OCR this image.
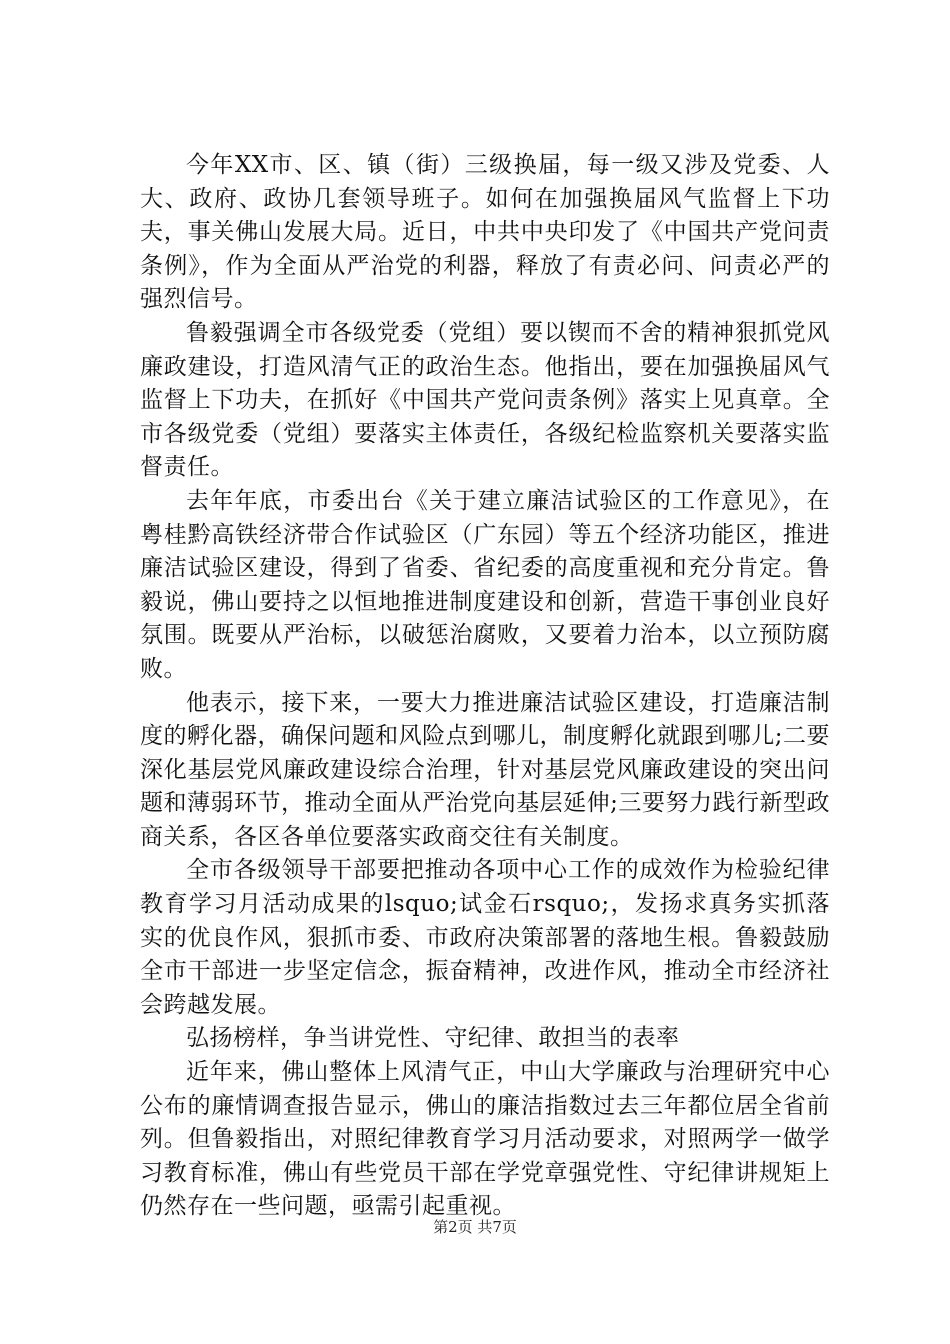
今年XX市、区、镇（街）三级换届，每一级又涉及党委、人大、政府、政协几套领导班子。如何在加强换届风气监督上下功夫，事关佛山发展大局。近日，中共中央印发了《中国共产党问责条例》，作为全面从严治党的利器，释放了有责必问、问责必严的强烈信号。

鲁毅强调全市各级党委（党组）要以锲而不舍的精神狠抓党风廉政建设，打造风清气正的政治生态。他指出，要在加强换届风气监督上下功夫，在抓好《中国共产党问责条例》落实上见真章。全市各级党委（党组）要落实主体责任，各级纪检监察机关要落实监督责任。

去年年底，市委出台《关于建立廉洁试验区的工作意见》，在粤桂黔高铁经济带合作试验区（广东园）等五个经济功能区，推进廉洁试验区建设，得到了省委、省纪委的高度重视和充分肯定。鲁毅说，佛山要持之以恒地推进制度建设和创新，营造干事创业良好氛围。既要从严治标，以破惩治腐败，又要着力治本，以立预防腐败。

他表示，接下来，一要大力推进廉洁试验区建设，打造廉洁制度的孵化器，确保问题和风险点到哪儿，制度孵化就跟到哪儿;二要深化基层党风廉政建设综合治理，针对基层党风廉政建设的突出问题和薄弱环节，推动全面从严治党向基层延伸;三要努力践行新型政商关系，各区各单位要落实政商交往有关制度。

全市各级领导干部要把推动各项中心工作的成效作为检验纪律教育学习月活动成果的lsquo;试金石rsquo;，发扬求真务实抓落实的优良作风，狠抓市委、市政府决策部署的落地生根。鲁毅鼓励全市干部进一步坚定信念，振奋精神，改进作风，推动全市经济社会跨越发展。

弘扬榜样，争当讲党性、守纪律、敢担当的表率

近年来，佛山整体上风清气正，中山大学廉政与治理研究中心公布的廉情调查报告显示，佛山的廉洁指数过去三年都位居全省前列。但鲁毅指出，对照纪律教育学习月活动要求，对照两学一做学习教育标准，佛山有些党员干部在学党章强党性、守纪律讲规矩上仍然存在一些问题，亟需引起重视。

第2页 共7页
